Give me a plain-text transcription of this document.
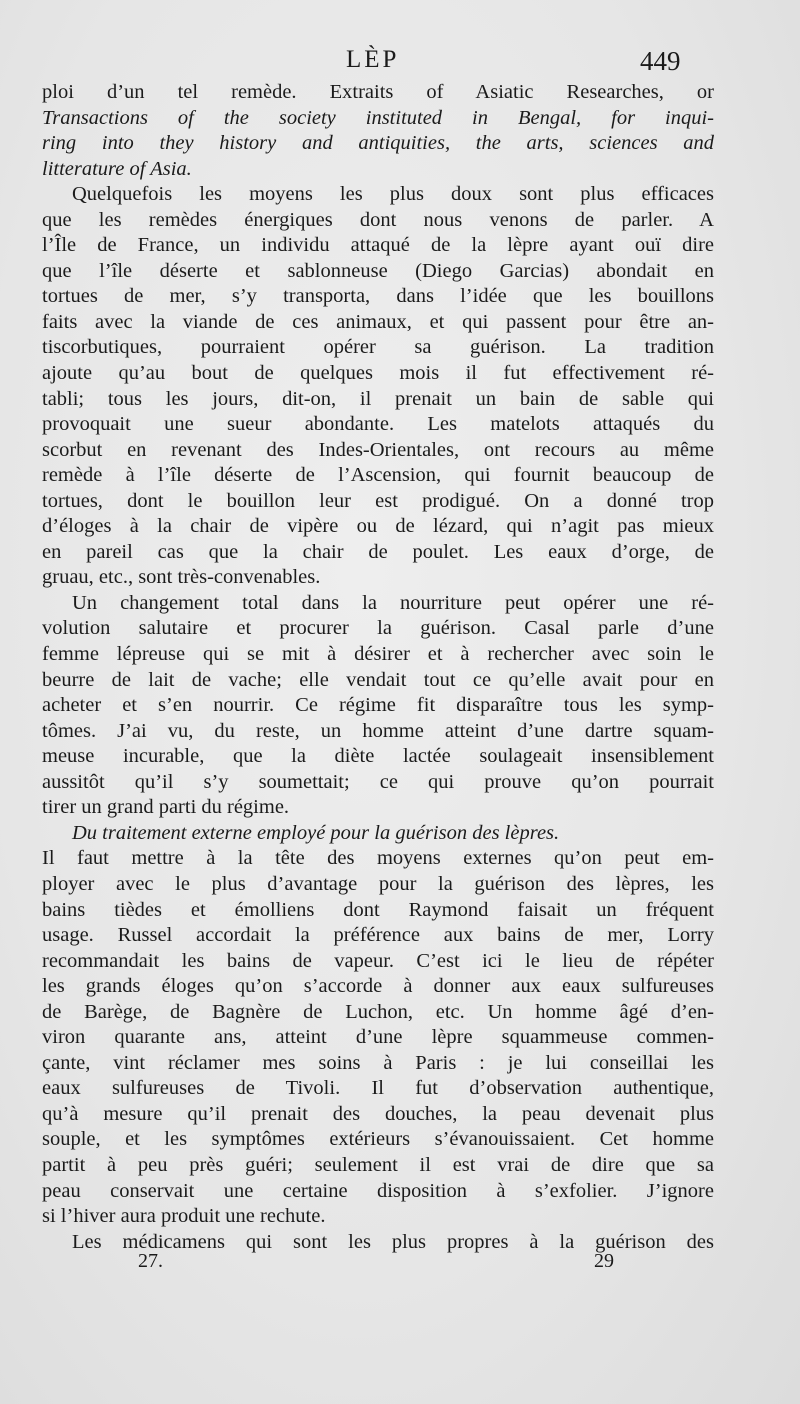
LÈP	449
ploi d’un tel remède. Extraits of Asiatic Researches, or
Transactions of the society instituted in Bengal, for inqui-
ring into they history and antiquities, the arts, sciences and
litterature of Asia.
Quelquefois les moyens les plus doux sont plus efficaces
que les remèdes énergiques dont nous venons de parler. A
l’Île de France, un individu attaqué de la lèpre ayant ouï dire
que l’île déserte et sablonneuse (Diego Garcias) abondait en
tortues de mer, s’y transporta, dans l’idée que les bouillons
faits avec la viande de ces animaux, et qui passent pour être an-
tiscorbutiques, pourraient opérer sa guérison. La tradition
ajoute qu’au bout de quelques mois il fut effectivement ré-
tabli; tous les jours, dit-on, il prenait un bain de sable qui
provoquait une sueur abondante. Les matelots attaqués du
scorbut en revenant des Indes-Orientales, ont recours au même
remède à l’île déserte de l’Ascension, qui fournit beaucoup de
tortues, dont le bouillon leur est prodigué. On a donné trop
d’éloges à la chair de vipère ou de lézard, qui n’agit pas mieux
en pareil cas que la chair de poulet. Les eaux d’orge, de
gruau, etc., sont très-convenables.
Un changement total dans la nourriture peut opérer une ré-
volution salutaire et procurer la guérison. Casal parle d’une
femme lépreuse qui se mit à désirer et à rechercher avec soin le
beurre de lait de vache; elle vendait tout ce qu’elle avait pour en
acheter et s’en nourrir. Ce régime fit disparaître tous les symp-
tômes. J’ai vu, du reste, un homme atteint d’une dartre squam-
meuse incurable, que la diète lactée soulageait insensiblement
aussitôt qu’il s’y soumettait; ce qui prouve qu’on pourrait
tirer un grand parti du régime.
Du traitement externe employé pour la guérison des lèpres.
Il faut mettre à la tête des moyens externes qu’on peut em-
ployer avec le plus d’avantage pour la guérison des lèpres, les
bains tièdes et émolliens dont Raymond faisait un fréquent
usage. Russel accordait la préférence aux bains de mer, Lorry
recommandait les bains de vapeur. C’est ici le lieu de répéter
les grands éloges qu’on s’accorde à donner aux eaux sulfureuses
de Barège, de Bagnère de Luchon, etc. Un homme âgé d’en-
viron quarante ans, atteint d’une lèpre squammeuse commen-
çante, vint réclamer mes soins à Paris : je lui conseillai les
eaux sulfureuses de Tivoli. Il fut d’observation authentique,
qu’à mesure qu’il prenait des douches, la peau devenait plus
souple, et les symptômes extérieurs s’évanouissaient. Cet homme
partit à peu près guéri; seulement il est vrai de dire que sa
peau conservait une certaine disposition à s’exfolier. J’ignore
si l’hiver aura produit une rechute.
Les médicamens qui sont les plus propres à la guérison des
27.	29
